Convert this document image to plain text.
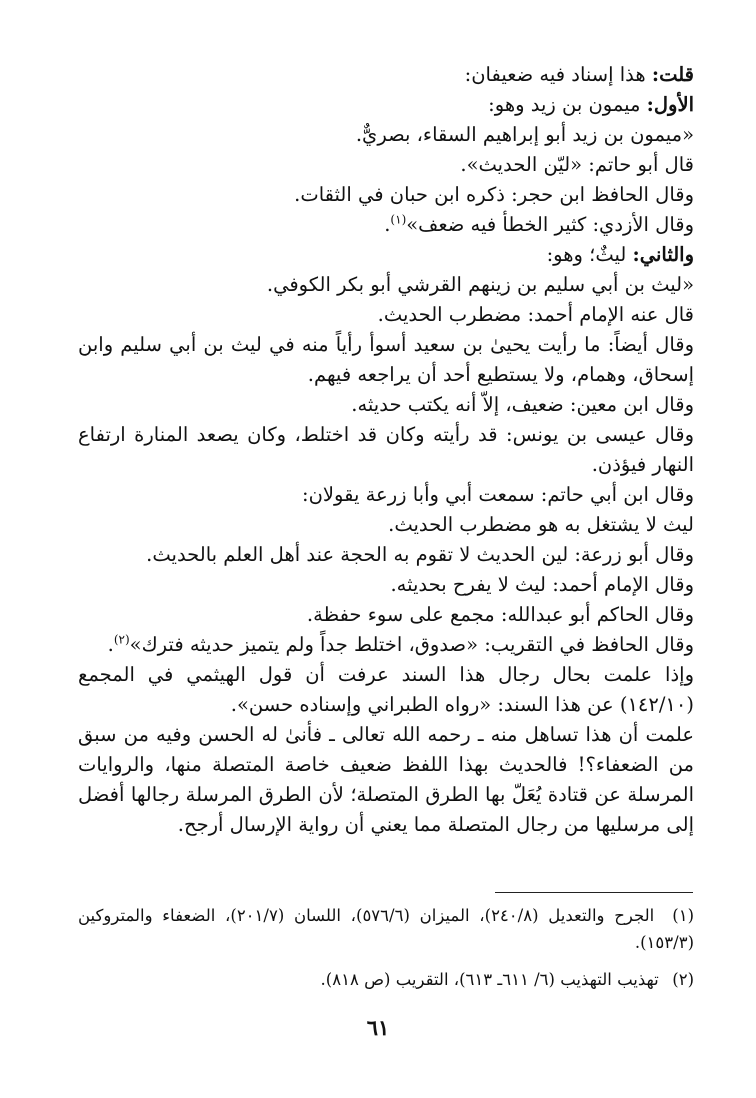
قلت: هذا إسناد فيه ضعيفان:
الأول: ميمون بن زيد وهو:
«ميمون بن زيد أبو إبراهيم السقاء، بصريٌّ.
قال أبو حاتم: «ليّن الحديث».
وقال الحافظ ابن حجر: ذكره ابن حبان في الثقات.
وقال الأزدي: كثير الخطأ فيه ضعف»$^{(١)}$.
والثاني: ليثٌ؛ وهو:
«ليث بن أبي سليم بن زينهم القرشي أبو بكر الكوفي.
قال عنه الإمام أحمد: مضطرب الحديث.
وقال أيضاً: ما رأيت يحيىٰ بن سعيد أسوأ رأياً منه في ليث بن أبي سليم وابن
إسحاق، وهمام، ولا يستطيع أحد أن يراجعه فيهم.
وقال ابن معين: ضعيف، إلاّ أنه يكتب حديثه.
وقال عيسى بن يونس: قد رأيته وكان قد اختلط، وكان يصعد المنارة ارتفاع
النهار فيؤذن.
وقال ابن أبي حاتم: سمعت أبي وأبا زرعة يقولان:
ليث لا يشتغل به هو مضطرب الحديث.
وقال أبو زرعة: لين الحديث لا تقوم به الحجة عند أهل العلم بالحديث.
وقال الإمام أحمد: ليث لا يفرح بحديثه.
وقال الحاكم أبو عبدالله: مجمع على سوء حفظة.
وقال الحافظ في التقريب: «صدوق، اختلط جداً ولم يتميز حديثه فترك»$^{(٢)}$.
وإذا علمت بحال رجال هذا السند عرفت أن قول الهيثمي في المجمع
(١٤٢/١٠) عن هذا السند: «رواه الطبراني وإسناده حسن».
علمت أن هذا تساهل منه ـ رحمه الله تعالى ـ فأنىٰ له الحسن وفيه من سبق من الضعفاء؟! فالحديث بهذا اللفظ ضعيف خاصة المتصلة منها، والروايات المرسلة عن قتادة يُعَلّ بها الطرق المتصلة؛ لأن الطرق المرسلة رجالها أفضل إلى مرسليها من رجال المتصلة مما يعني أن رواية الإرسال أرجح.
(١) الجرح والتعديل (٢٤٠/٨)، الميزان (٥٧٦/٦)، اللسان (٢٠١/٧)، الضعفاء والمتروكين (١٥٣/٣).
(٢) تهذيب التهذيب (٦/ ٦١١ـ ٦١٣)، التقريب (ص ٨١٨).
٦١
